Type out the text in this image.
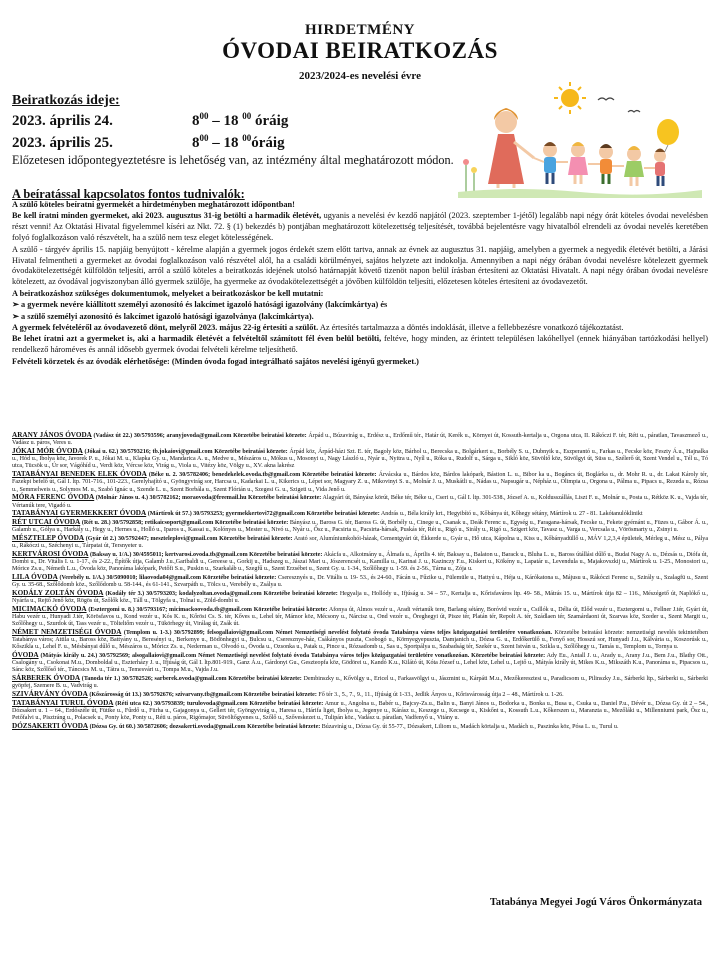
HIRDETMÉNY
ÓVODAI BEIRATKOZÁS
2023/2024-es nevelési évre
Beiratkozás ideje:
2023. április 24.	$8^{00} - 18$ $^{00}$ óráig
2023. április 25.	$8^{00} - 18$ $^{00}$óráig
Előzetesen időpontegyeztetésre is lehetőség van, az intézmény által meghatározott módon.
A beíratással kapcsolatos fontos tudnivalók:

A szülő köteles beíratni gyermekét a hirdetményben meghatározott időpontban!

Be kell íratni minden gyermeket, aki 2023. augusztus 31-ig betölti a harmadik életévét, ugyanis a nevelési év kezdő napjától (2023. szeptember 1-jétől) legalább napi négy órát köteles óvodai nevelésben részt venni! Az Oktatási Hivatal figyelemmel kíséri az Nkt. 72. § (1) bekezdés b) pontjában meghatározott kötelezettség teljesítését, továbbá bejelentésre vagy hivatalból elrendeli az óvodai nevelés keretében folyó foglalkozáson való részvételt, ha a szülő nem tesz eleget kötelességének.

A szülő - tárgyév április 15. napjáig benyújtott - kérelme alapján a gyermek jogos érdekét szem előtt tartva, annak az évnek az augusztus 31. napjáig, amelyben a gyermek a negyedik életévét betölti, a Járási Hivatal felmentheti a gyermeket az óvodai foglalkozáson való részvétel alól, ha a családi körülményei, sajátos helyzete azt indokolja. Amennyiben a napi négy órában óvodai nevelésre kötelezett gyermek óvodakötelezettségét külföldön teljesíti, arról a szülő köteles a beiratkozás idejének utolsó határnapját követő tizenöt napon belül írásban értesíteni az Oktatási Hivatalt. A napi négy órában óvodai nevelésre kötelezett, az óvodával jogviszonyban álló gyermek szülője, ha gyermeke az óvodakötelezettségét a jövőben külföldön teljesíti, előzetesen köteles értesíteni az óvodavezetőt.

A beiratkozáshoz szükséges dokumentumok, melyeket a beiratkozáskor be kell mutatni:

➢ a gyermek nevére kiállított személyi azonosító és lakcímet igazoló hatósági igazolvány (lakcímkártya) és

➢ a szülő személyi azonosító és lakcímet igazoló hatósági igazolványa (lakcímkártya).

A gyermek felvételéről az óvodavezető dönt, melyről 2023. május 22-ig értesíti a szülőt. Az értesítés tartalmazza a döntés indoklását, illetve a fellebbezésre vonatkozó tájékoztatást.

Be lehet íratni azt a gyermeket is, aki a harmadik életévét a felvételtől számított fél éven belül betölti, feltéve, hogy minden, az érintett településen lakóhellyel (ennek hiányában tartózkodási hellyel) rendelkező hároméves és annál idősebb gyermek óvodai felvételi kérelme teljesíthető.

Felvételi körzetek és az óvodák elérhetősége: (Minden óvoda fogad integrálható sajátos nevelési igényű gyermeket.)

ARANY JÁNOS ÓVODA (Vadász út 22.) 30/5793596; aranyjovoda@gmail.com Körzetébe beiratási körzete: Árpád u., Búzavirág u., Erdész u., Erdőmű tér., Határ út, Kerék u., Környei út, Kossuth-kertalja u., Orgona utca, II. Rákóczi F. tér, Réti u., páratlan, Tavaszmező u., Vadász u. páros, Veres u.

JÓKAI MÓR ÓVODA (Jókai u. 62.) 30/5793216; tb.jokaiovi@gmail.com Körzetébe beiratási körzete: Árpád köz, Árpád-házi Szt. E. tér, Bagoly köz, Bárhol u., Berecska u., Bolgárkert u., Borbély S. u., Dubnyik u., Eszperantó u., Farkas u., Fecske köz, Feszty Á.u., Hajnalka u., Hód u., Ibolya köz, Javorek P. u., Jókai M. u., Klapka Gy. u., Mandarica A. u., Medve u., Mészáros u., Mókus u., Mosonyi u., Nagy László u., Nyár u., Nyitra u., Nyíl u., Róka u., Rudolf u., Sárga u., Sikló köz, Süvöltő köz, Süvölgyi út, Süss u., Szélerő út, Szent Vendel u., Tél u., Tó utca, Tücsök u., Úr sor, Vágóhíd u., Verdi köz, Vércse köz, Virág u., Viola u., Vitézy köz, Völgy u., XV. akna lakrész

TATABÁNYAI BENEDEK ELEK ÓVODA (Béke u. 2. 30/5782406; benedekelek.ovoda.tb@gmail.com Körzetébe beiratási körzete: Árvácska u., Bárdos köz, Bárdos lakópark, Bástion L. u., Bibor ka u., Bogáncs út, Boglárka u., dr. Mohr R. u., dr. Lakat Károly tér, Fazekpi befelő út, Gál I. ltp. 701-716., 101-223., Gerelyhajító u., Gyöngyvirág sor, Harcsa u., Kadarkai L. u., Kikerics u., Lépet sor, Magyary Z. u., Mikovinyi S. u., Molnár J. u., Muskátli u., Nádas u., Napsugár u., Népház u., Olimpia u., Orgona u., Pálma u., Pipacs u., Rezeda u., Rózsa u., Semmelweis u., Solymos M. u., Szabó Ignác u., Szende L. u., Szent Borbála u., Szent Flórián u., Szegesi G. u., Szigeti u., Vida Jenő u.

MÓRA FERENC ÓVODA (Molnár János u. 4.) 30/5782162; moraovoda@freemail.hu Körzetébe beiratási körzete: Alagyári út, Bányász körút, Béke tér, Béke u., Cseri u., Gál I. ltp. 301-538., József A. u., Koldusszállás, Liszt F. u., Molnár u., Posta u., Rétköz K. u., Vajda tér, Vértanúk tere, Vigadó u.

TATABÁNYAI GYERMEKKERT ÓVODA (Mártírok út 57.) 30/5793253; gyermekkertovi72@gmail.com Körzetébe beiratási körzete: András u., Béla király krt., Hegyibító u., Kőbánya út, Kőhegy sétány, Mártírok u. 27 - 81. Lakótanulóklinikt

RÉT UTCAI ÓVODA (Rét u. 28.) 30/5792858; retikaicsoport@gmail.com Körzetébe beiratási körzete: Bányász u., Baross G. tér, Baross G. út, Borbély u., Cinege u., Csanak u., Deák Ferenc u., Egység u., Faragana-hársak, Fecske u., Fekete gyémánt u., Füzes u., Gábor Á. u., Galamb u., Gólya u., Harkály u., Hegy u., Hernes u., Holló u., Iparos u., Kassai u., Kolónyes u., Mester u., Nivó u., Nyár u., Ősz u., Pacsirta u., Pacsirta-hársak, Puskás tér, Rét u., Rigó u., Sirály u., Rigó u., Szigert köz, Tavasz u., Varga u., Vercsala u., Vörösmarty u., Zsinyi u.

MÉSZTELEP ÓVODA (Gyár út 2.) 30/5792447; meszteleplovi@gmail.com Körzetébe beiratási körzete: Arató sor, Alumíniumkohói-házak, Cementgyári út, Ékkerde u., Gyár u., Hő utca, Kápolna u., Kiss u., Kőbányadüllő u., MÁV 1,2,3,4 épületek, Mérleg u., Mész u., Pálya u., Rákóczi u., Széchenyi u., Tárpatai út, Tersnyeter u.

KERTVÁROSI ÓVODA (Baksay u. 1/A.) 30/4595011; kertvarosi.ovoda.tb@gmail.com Körzetébe beiratási körzete: Akácfa u., Alkotmány u., Álmafa u., Április 4. tér, Baksay u., Balaton u., Barack u., Bluha L. u., Baross útállási dűlő u., Budai Nagy A. u., Dézsás u., Diófa út, Dombi u., Dr. Vitális I. u. 1-17., és 2-22., Építők útja, Galamb J.u.,Garibaldi u., Gereese u., Gorkij u., Hadszeg u., Jászai Mari u., Jószerencsét u., Kamilla u., Karinai J. u., Kazinczy F.u., Kiskert u., Kökény u., Lapatár u., Levendula u., Majakovszkij u., Mártírok u. 1-25., Monostori u., Mórice Zs.u., Németh L.u., Óvoda köz, Panoráma lakópark, Petőfi S.u., Puskin u., Szarkaláb u., Szegfű u., Szent Erzsébet u., Szent Gy. u. 1-34., Szőlőhegy u. 1-59. és 2-56., Tárna u., Zója u.

LILA ÓVODA (Verebély u. 1/A.) 30/5090010; lilaovoda04@gmail.com Körzetébe beiratási körzete: Cseresznyés u., Dr. Vitális u. 19- 53., és 24-60., Fácán u., Fűzike u., Fülemüle u., Hattyú u., Héja u., Kárókatona u., Májusu u., Rákóczi Ferenc u., Szirály u., Szalagfü u., Szent Gy. u. 35-68., Szőlődomb köz., Szőlődomb u. 58-144., és 61-141., Szvarpáth u., Tölcs u., Verebély u., Zsálya u.

KODÁLY ZOLTÁN ÓVODA (Kodály tér 3.) 30/5793203; kodalyzoltan.ovoda@gmail.com Körzetébe beiratási körzete: Hegyalja u., Hollódy u., Ifjúság u. 34 – 57., Kertalja u., Kőrisfaváros ltp. 49- 58., Mátrás 15. u., Mártírok útja 82 – 116., Mészégető út, Naplókő u., Nyárfa u., Rejtő Jenő köz, Rögös út, Szőlők köz., Táll u., Tölgyfa u., Tolnai u., Zöld-dombi u.

MICIMACKÓ ÓVODA (Esztergomi u. 8.) 30/5793167; micimackoovoda.tb@gmail.com Körzetébe beiratási körzete: Afonya út, Almos vezér u., Aradi vértanúk tere, Barlang sétány, Boróvid vezér u., Csillók u., Délia út, Előd vezér u., Esztergomi u., Fellner J.tér, Gyári út, Habu vezér u., Hunyadi J.tér, Körösfavos u., Kond vezér u., Kós K. u., Kőrösi Cs. S. tér, Kőves u., Lehel tér, Mámor köz, Mécsony u., Nárcisz u., Ond vezér u., Öreghegyi út, Pisze tér, Platán tér, Repolt A. tér, Szádlaen tér, Szamárdaoni út, Szarvas köz, Szeder u., Szent Margit u., Szőlőhegy u., Szurdok út, Tass vezér u., Tölteltőm vezér u., Tükörhegy út, Virálag út, Zsák út.

NÉMET NEMZETISÉGI ÓVODA (Templom u. 1-3.) 30/5792899; felsogallaiovi@gmail.com Német Nemzetiségi nevelést folytató óvoda Tatabánya város teljes közigazgatási területére vonatkozóan. Körzetébe beiratási körzete: nemzetiségi nevelés tekintetében Tatabánya város; Attila u., Baross köz, Battyány u., Beresényi u., Berkenye u., Bödönhegyi u., Bulcsu u., Cseresznye-ház, Csákányos puszta, Csobogó u., Környegyepuszta, Damjanich u., Dózsa G. u., Erdőkerülő u., Fenyő sor, Hosszú sor, Hunyadi J.u., Kálvária u., Koszorúsk u., Kőszikla u., Lehel F. u., Mésbányai dűlő u., Mészáros u., Móricz Zs. u., Nederman u., Olvodó u., Óvoda u., Ozsonka u., Patak u., Pince u., Rózsadomb u., Sas u., Sportpálya u., Szabadság tér, Szekér u., Szent István u., Szikla u., Szőlőhegy u., Tamás u., Templom u., Tornya u.

ÓVODA (Mátyás király u. 24.) 30/5792569; alsogallaiovi@gmail.com Német Nemzetiségi nevelést folytató óvoda Tatabánya város teljes közigazgatási területére vonatkozóan. Körzetébe beiratási körzete: Ady Eu., Antall J. u., Arady u., Arany J.u., Bem J.u., Blathy Ott., Csalogány u., Csokonai M.u., Domboldal u., Eszterházy J. u., Ifjúság út, Gál I. ltp.801-919., Ganz Á.u., Gárdonyi Gu., Geszteopfa köz, Gödörei u., Kandó K.u., Kilátó út, Kóta József u., Lehel köz, Lehel u., Lejtő u., Mátyás király út, Mikes K.u., Mikszáth K.u., Panoráma u., Pipacsos u., Sánc köz, Szőlőső tér., Táncsics M. u., Tátra u., Temesvári u., Tompa M.u., Vajda J.u.

SÁRBEREK ÓVODA (Tanoda tér 1.) 30/5782526; sarberek.ovoda@gmail.com Körzetébe beiratási körzete: Dembinszky u., Kővölgy u., Ericel u., Farkasvölgyi u., Jászmint u., Kárpáti M.u., Mezőkeresztesi u., Paradicsom u., Pilinszky J.u., Sárberki ltp., Sárberki u., Sárberki gyöpfej, Szemere B. u., Vadvirág u.

SZIVÁRVÁNY ÓVODA (Kőszárosság út 13.) 30/5792676; szivarvany.tb@gmail.com Körzetébe beiratási körzete: Fő tér 3., 5., 7., 9., 11., Ifjúság út 1-33., Jedlik Ányos u., Kőrisvárosság útja 2 – 48., Mártírok u. 1-26.

TATABÁNYAI TURUL ÓVODA (Réti utca 62.) 30/5793839; turulovoda@gmail.com Körzetébe beiratási körzete: Amur u., Angolna u., Babér u., Bajcsy-Zs.u., Balin u., Banyi János u., Bodorka u., Bonka u., Busa u., Csuka u., Daniel P.u., Dévér u., Dózsa Gy. út 2 – 54., Dózsakert u. 1 – 64., Erdőszéle út, Fütike u., Fűrdő u., Fürha u., Gajagonya u., Gellert tér, Gyöngyvirág u., Haresa u., Hárifa liget, Ibolya u., Jegenye u., Kárász u., Keszege u., Kecsege u., Kiskőnt u., Kossuth L.u., Kőkerszen u., Maranzta u., Mezőláki u., Millenniumi park, Ősz u., Petőfalvi u., Pisztráng u., Polacsek u., Ponty köz, Ponty u., Réti u. páros, Rigómajor, Süvöltőgyenes u., Szőlő u., Szőveskezet u., Tulipán köz., Vadász u. páratlan, Vadfenyő u., Vitány u.

DÓZSAKERTI ÓVODA (Dózsa Gy. út 60.) 30/5872606; dozsakerti.ovoda@gmail.com Körzetébe beiratási körzete: Búzavirág u., Dózsa Gy. út 55-77., Dózsakert, Liliom u., Madách körtalja u., Madách u., Paszinka köz, Pósa L. u., Turul u.

Tatabánya Megyei Jogú Város Önkormányzata
